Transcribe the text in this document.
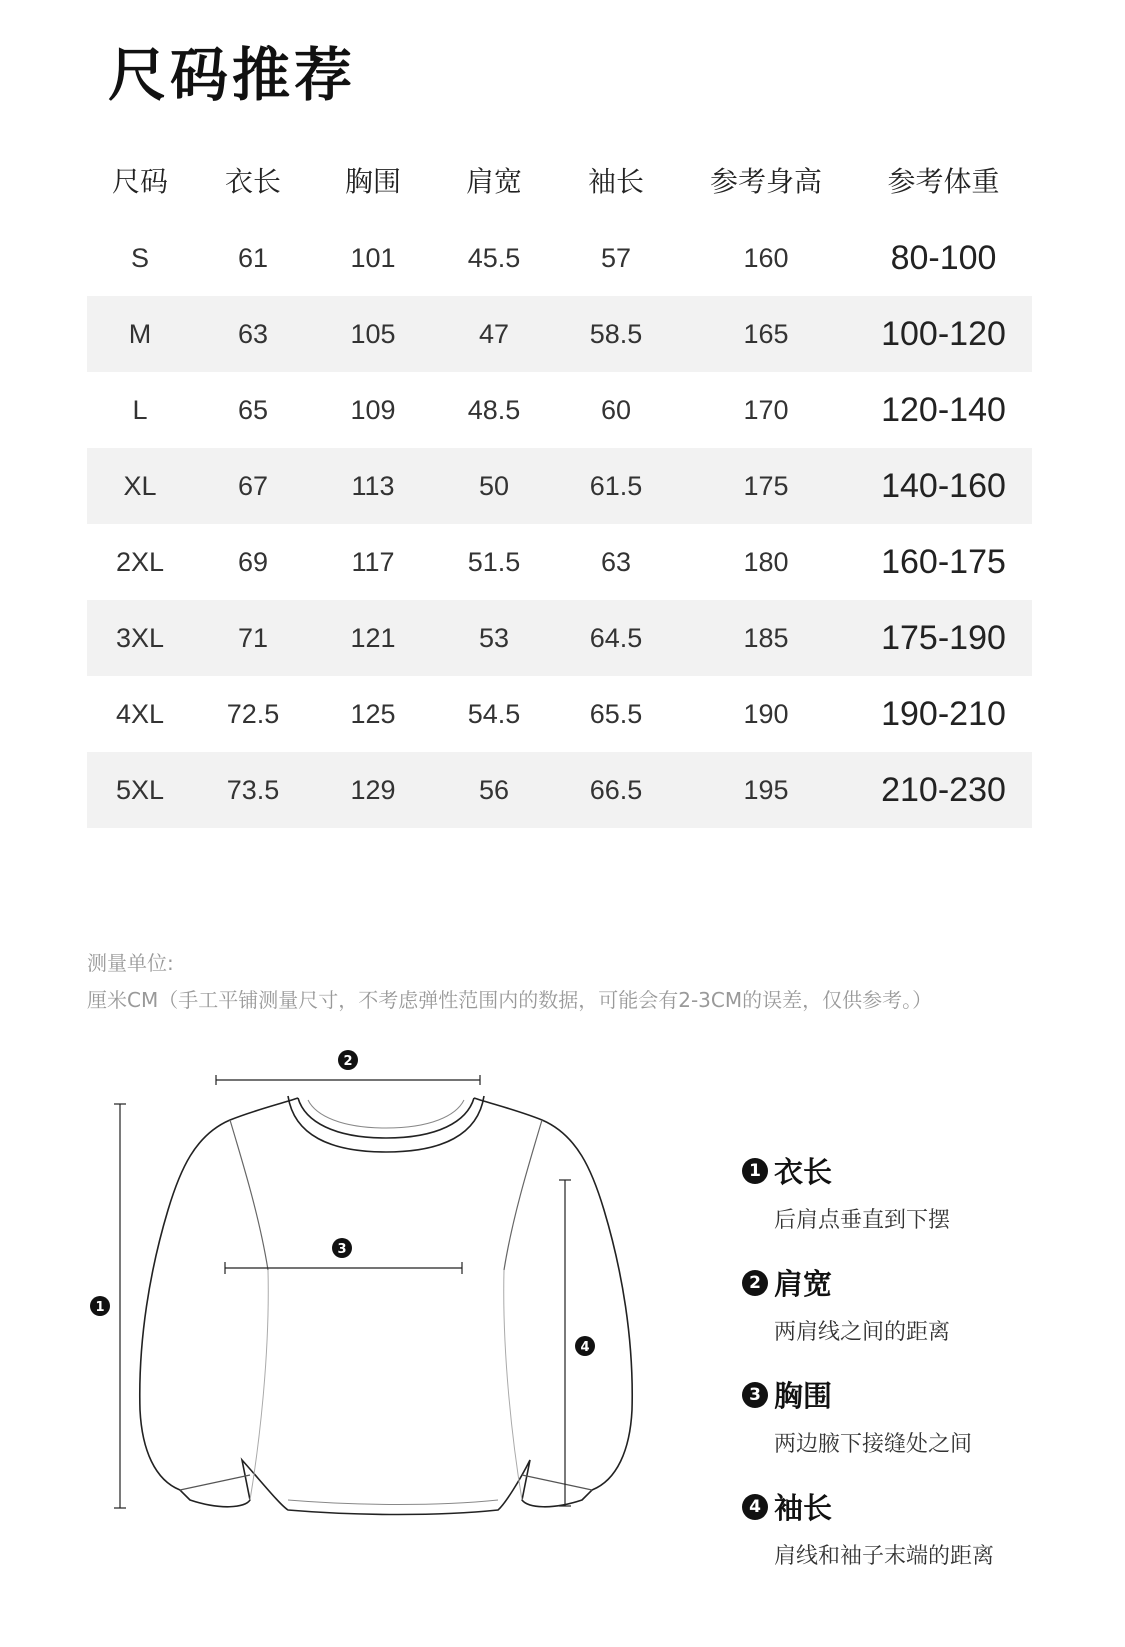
尺码推荐
尺码	衣长	胸围	肩宽	袖长	参考身高	参考体重
S	61	101	45.5	57	160	80-100
M	63	105	47	58.5	165	100-120
L	65	109	48.5	60	170	120-140
XL	67	113	50	61.5	175	140-160
2XL	69	117	51.5	63	180	160-175
3XL	71	121	53	64.5	185	175-190
4XL	72.5	125	54.5	65.5	190	190-210
5XL	73.5	129	56	66.5	195	210-230
测量单位:
厘米CM（手工平铺测量尺寸，不考虑弹性范围内的数据，可能会有2-3CM的误差，仅供参考。）
2
1
3
4
1 衣长
后肩点垂直到下摆
2 肩宽
两肩线之间的距离
3 胸围
两边腋下接缝处之间
4 袖长
肩线和袖子末端的距离
